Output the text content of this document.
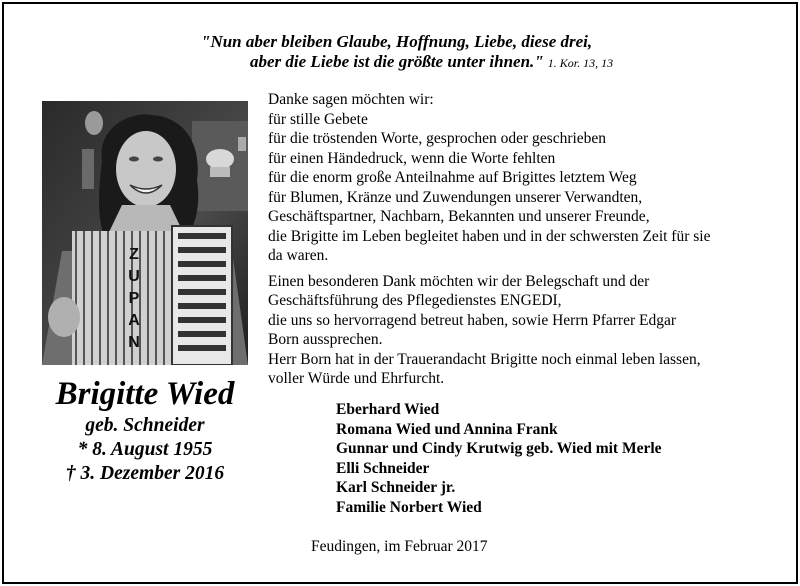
"Nun aber bleiben Glaube, Hoffnung, Liebe, diese drei,
aber die Liebe ist die größte unter ihnen." 1. Kor. 13, 13
Z
U
P
A
N

Danke sagen möchten wir:

für stille Gebete

für die tröstenden Worte, gesprochen oder geschrieben

für einen Händedruck, wenn die Worte fehlten

für die enorm große Anteilnahme auf Brigittes letztem Weg

für Blumen, Kränze und Zuwendungen unserer Verwandten,

Geschäftspartner, Nachbarn, Bekannten und unserer Freunde,

die Brigitte im Leben begleitet haben und in der schwersten Zeit für sie

da waren.

Einen besonderen Dank möchten wir der Belegschaft und der

Geschäftsführung des Pflegedienstes ENGEDI,

die uns so hervorragend betreut haben, sowie Herrn Pfarrer Edgar

Born aussprechen.

Herr Born hat in der Trauerandacht Brigitte noch einmal leben lassen,

voller Würde und Ehrfurcht.

Brigitte Wied
geb. Schneider
* 8. August 1955
† 3. Dezember 2016
Eberhard Wied
Romana Wied und Annina Frank
Gunnar und Cindy Krutwig geb. Wied mit Merle
Elli Schneider
Karl Schneider jr.
Familie Norbert Wied
Feudingen, im Februar 2017
